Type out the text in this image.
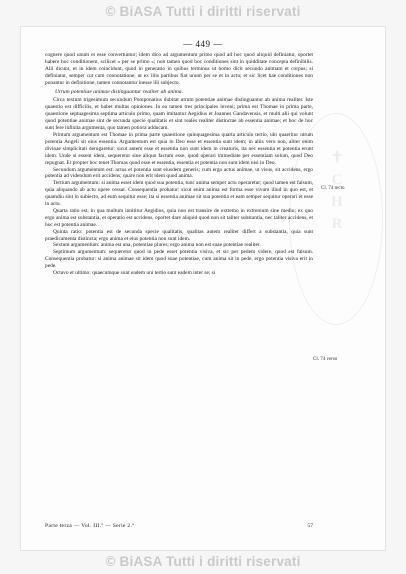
© BiASA Tutti i diritti riservati
✝
C
H
R
— 449 —

cognere quod unum et esse convertuntur; idem dico ad argumentum primo quod ad hoc quod aliquid definiatur, oportet habere hoc conditionem, scilicet « per se primo »; non tamen quod hoc conditiones sint in quidditate concepta definibilis. Alii dicunt, et in idem coincidunt, quod in generatio in quibus terminus ut homo dicit secundo animam et corpus; si definiatur, semper cut cum connotatione, ut ex illis partibus fiat unum per se et in actu; et sic licet hae conditiones non ponantur in definitione, tamen connotantur inesse illi subjecto.

Utrum potentiae animae distinguantur realiter ab anima.

Circa textum trigesimum secundum Pomponatius dubitat utrum potentiae animae distinguantur ab anima realiter. Iste quaestio est difficilis, et habet multas opiniones. In ea tamen tres principales inveni; prima est Thomae in prima parte, quaestione septuagesima septima articulo primo, quam imitantur Aegidius et Joannes Gandavensis, et multi alii qui volunt quod potentiae animae sint de secunda specie qualitatis et sint reales realiter distinctae ab essentia animae; et hoc de hoc sunt fere infinita argumenta, quo tamen potiora adducam.

Primum argumentum est Thomae in prima parte quaestione quinquagesima quarta articulo tertio, ubi quaeritur utrum potentia Angeli sit eius essentia. Argumentum est quia in Deo esse et essentia sunt idem; in aliis vero non, aliter enim divinae simplicitati derogaretur: sicut autem esse et essentia non sunt idem in creaturis, ita nec essentia et potentia erunt idem. Unde si essent idem, sequeretur sine aliquo factum esse, quod operari immediate per essentiam solum, quod Deo repugnat. Et propter hoc tenet Thomas quod esse et essentia, essentia et potentia non sunt idem nisi in Deo.

Secundum argumentum est: actus et potentia sunt eiusdem generis; cum ergo actus animae, ut visus, sit accidens, ergo potentia ad videndum erit accidens; quare non erit idem quod anima.

Tertium argumentum: si anima esset idem quod sua potentia, tunc anima semper actu operaretur; quod tamen est falsum, quia aliquando ab actu opere cessat. Consequentia probatur: sicut enim anima est forma esse vivum illud in quo est, et quamdiu sint in subiecto, ad eum sequitur esse; ita si essentia animae sit sua potentia et eam semper sequitur operari et esse in actu.

Quarta ratio est, in qua multum innititur Aegidius, quia non est transire de extremo in extremum sine medio; ex quo ergo anima est substantia, et operatio est accidens, oportet dare aliquid quod non sit taliter substantia, nec taliter accidens, et hoc est potentia animae.

Quinta ratio: potentia est de secunda specie qualitatis, qualitas autem realiter differt a substantia, quia sunt praedicamenta distincta; ergo anima et eius potentia non sunt idem.

Sextum argumentum: anima est una, potentiae plures; ergo anima non est suae potentiae realiter.

Septimum argumentum: sequeretur quod in pede esset potentia visiva, et sic per pedem videre, quod est falsum. Consequentia probatur: si anima animae sit idem quod suae potentiae, cum anima sit in pede, ergo potentia visiva erit in pede.

Octavo et ultimo: quaecumque sunt eadem uni tertio sunt eadem inter se; si

Cl. 74 recto
Cl. 74 verso
Parte terza — Vol. III.º — Serie 2.ª	57
© BiASA Tutti i diritti riservati
